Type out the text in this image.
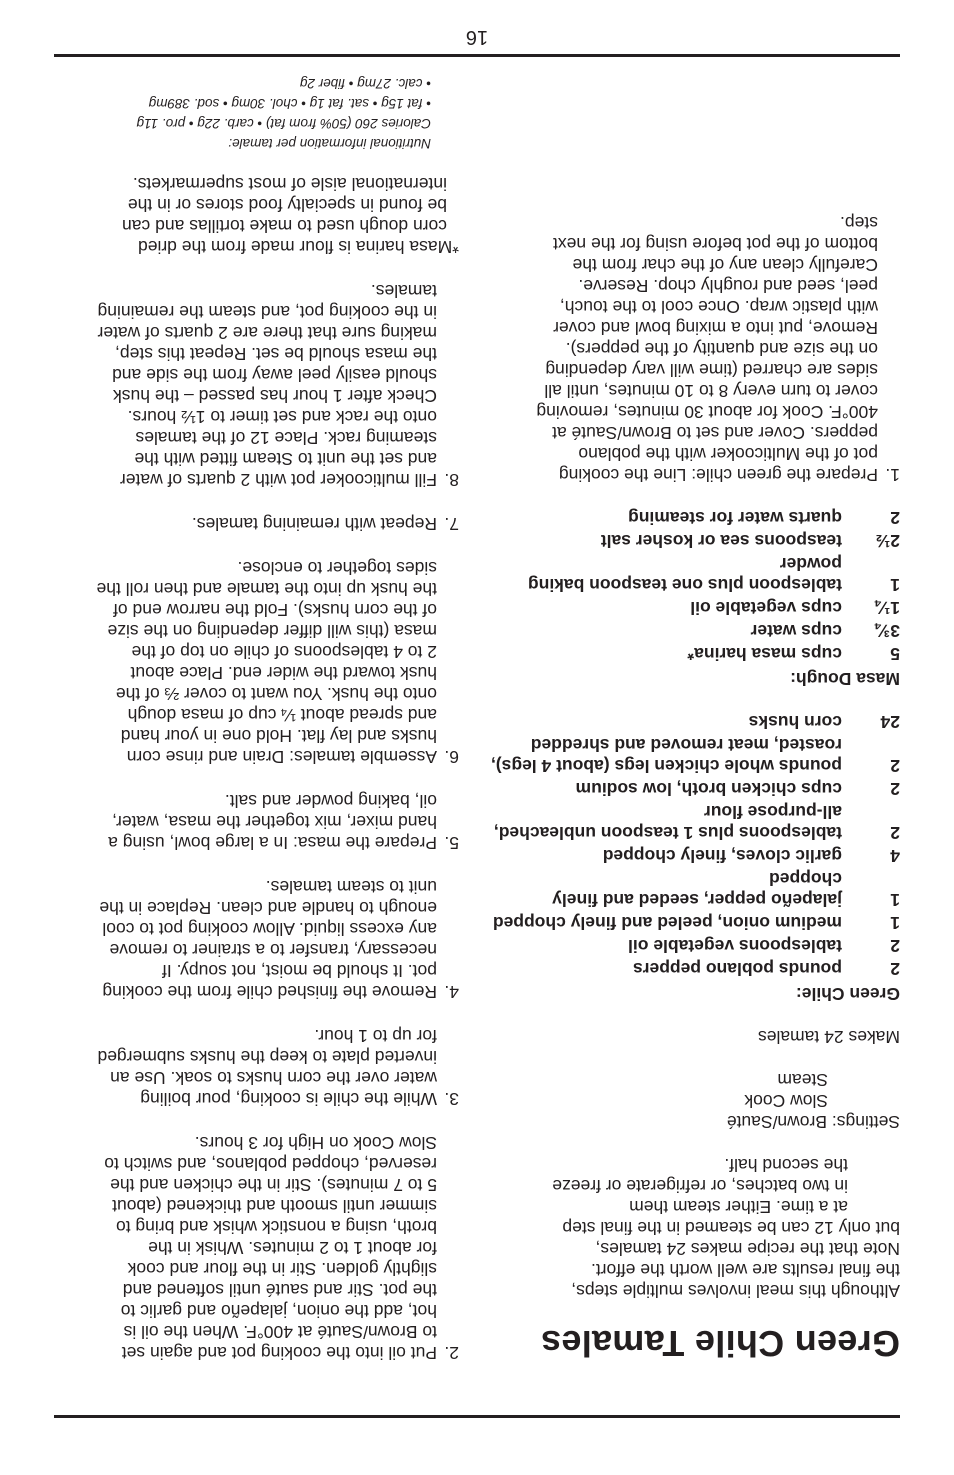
Green Chile Tamales
Although this meal involves multiple steps,
the final results are well worth the effort.
Note that the recipe makes 24 tamales,
but only 12 can be steamed in the final step
at a time. Either steam them
in two batches, or refrigerate or freeze
the second half.
Settings: Brown/Sauté
Slow Cook
Steam
Makes 24 tamales
Green Chile:
2
pounds poblano peppers
2
tablespoons vegetable oil
1
medium onion, peeled and finely chopped
1
jalapeño pepper, seeded and finely chopped
4
garlic cloves, finely chopped
2
tablespoons plus 1 teaspoon unbleached, all-purpose flour
2
cups chicken broth, low sodium
2
pounds whole chicken legs (about 4 legs), roasted, meat removed and shredded
24
corn husks
Masa Dough:
5
cups masa harina*
3¾
cups water
1¼
cups vegetable oil
1
tablespoon plus one teaspoon baking powder
2½
teaspoons sea or kosher salt
2
quarts water for steaming
1.
Prepare the green chile: Line the cooking
pot of the Multicooker with the poblano
peppers. Cover and set to Brown/Sauté at
400°F. Cook for about 30 minutes, removing
cover to turn every 8 to 10 minutes, until all
sides are charred (time will vary depending
on the size and quantity of the peppers).
Remove, put into a mixing bowl and cover
with plastic wrap. Once cool to the touch,
peel, seed and roughly chop. Reserve.
Carefully clean any of the char from the
bottom of the pot before using for the next
step.
2.
Put oil into the cooking pot and again set
to Brown/Sauté at 400°F. When the oil is
hot, add the onion, jalapeño and garlic to
the pot. Stir and sauté until softened and
slightly golden. Stir in the flour and cook
for about 1 to 2 minutes. Whisk in the
broth, using a nonstick whisk and bring to
simmer until smooth and thickened (about
5 to 7 minutes). Stir in the chicken and the
reserved, chopped poblanos, and switch to
Slow Cook on High for 3 hours.
3.
While the chile is cooking, pour boiling
water over the corn husks to soak. Use an
inverted plate to keep the husks submerged
for up to 1 hour.
4.
Remove the finished chile from the cooking
pot. It should be moist, not soupy. If
necessary, transfer to a strainer to remove
any excess liquid. Allow cooking pot to cool
enough to handle and clean. Replace in the
unit to steam tamales.
5.
Prepare the masa: In a large bowl, using a
hand mixer, mix together the masa, water,
oil, baking powder and salt.
6.
Assemble tamales: Drain and rinse corn
husks and lay flat. Hold one in your hand
and spread about ¼ cup of masa dough
onto the husk. You want to cover ⅔ of the
husk toward the wider end. Place about
2 to 4 tablespoons of chile on top of the
masa (this will differ depending on the size
of the corn husks). Fold the narrow end of
the husk up into the tamale and then roll the
sides together to enclose.
7.
Repeat with remaining tamales.
8.
Fill multicooker pot with 2 quarts of water
and set the unit to Steam fitted with the
steaming rack. Place 12 of the tamales
onto the rack and set timer to 1½ hours.
Check after 1 hour has passed – the husk
should easily peel away from the side and
the masa should be set. Repeat this step,
making sure that there are 2 quarts of water
in the cooking pot, and steam the remaining
tamales.
*Masa harina is flour made from the dried
corn dough used to make tortillas and can
be found in specialty food stores or in the
international aisle of most supermarkets.
Nutritional information per tamale:
Calories 260 (50% from fat) • carb. 22g • pro. 11g
• fat 15g • sat. fat 1g • chol. 30mg • sod. 389mg
• calc. 27mg • fiber 2g
16
